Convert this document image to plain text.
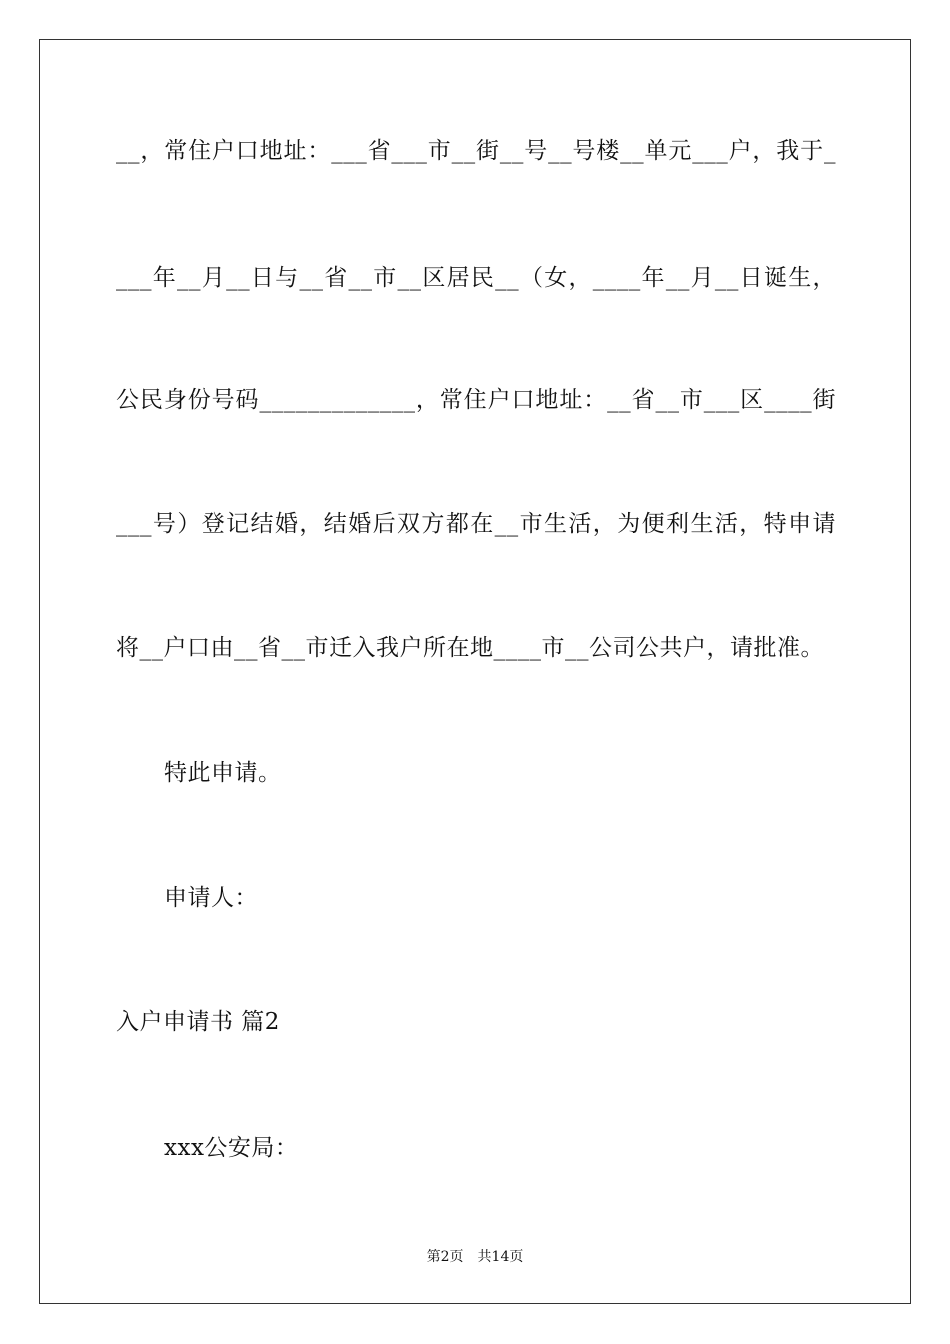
__，常住户口地址：___省___市__街__号__号楼__单元___户，我于_
___年__月__日与__省__市__区居民__（女，____年__月__日诞生，
公民身份号码_____________，常住户口地址：__省__市___区____街
___号）登记结婚，结婚后双方都在__市生活，为便利生活，特申请
将__户口由__省__市迁入我户所在地____市__公司公共户，请批准。
特此申请。
申请人：
入户申请书 篇2
xxx公安局：
第2页　共14页
